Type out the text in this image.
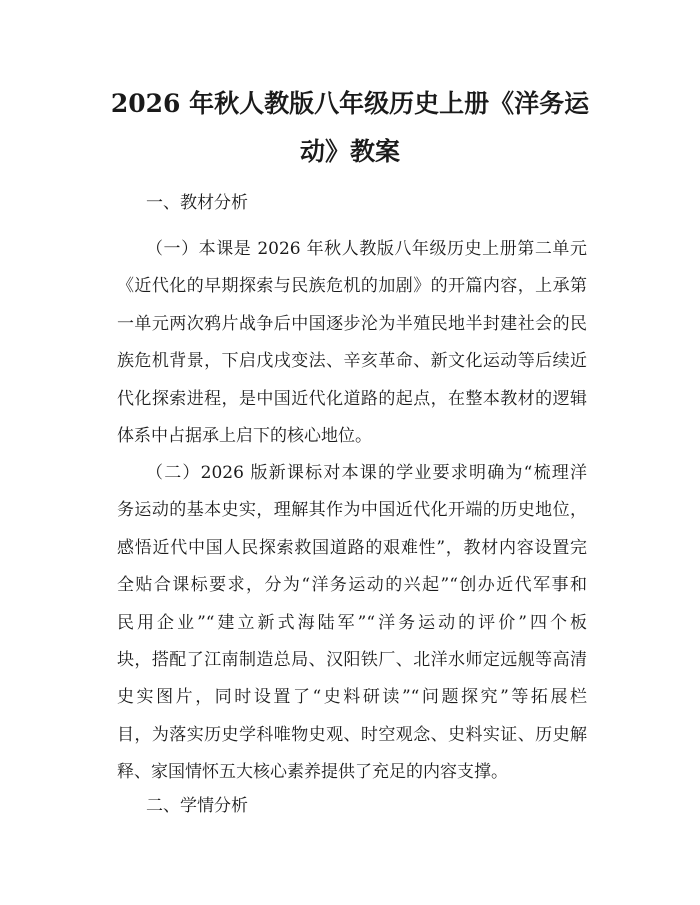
2026 年秋人教版八年级历史上册《洋务运
动》教案
一、教材分析
（一）本课是 2026 年秋人教版八年级历史上册第二单元
《近代化的早期探索与民族危机的加剧》的开篇内容，上承第
一单元两次鸦片战争后中国逐步沦为半殖民地半封建社会的民
族危机背景，下启戊戌变法、辛亥革命、新文化运动等后续近
代化探索进程，是中国近代化道路的起点，在整本教材的逻辑
体系中占据承上启下的核心地位。
（二）2026 版新课标对本课的学业要求明确为“梳理洋
务运动的基本史实，理解其作为中国近代化开端的历史地位，
感悟近代中国人民探索救国道路的艰难性”，教材内容设置完
全贴合课标要求，分为“洋务运动的兴起”“创办近代军事和
民用企业”“建立新式海陆军”“洋务运动的评价”四个板
块，搭配了江南制造总局、汉阳铁厂、北洋水师定远舰等高清
史实图片，同时设置了“史料研读”“问题探究”等拓展栏
目，为落实历史学科唯物史观、时空观念、史料实证、历史解
释、家国情怀五大核心素养提供了充足的内容支撑。
二、学情分析
